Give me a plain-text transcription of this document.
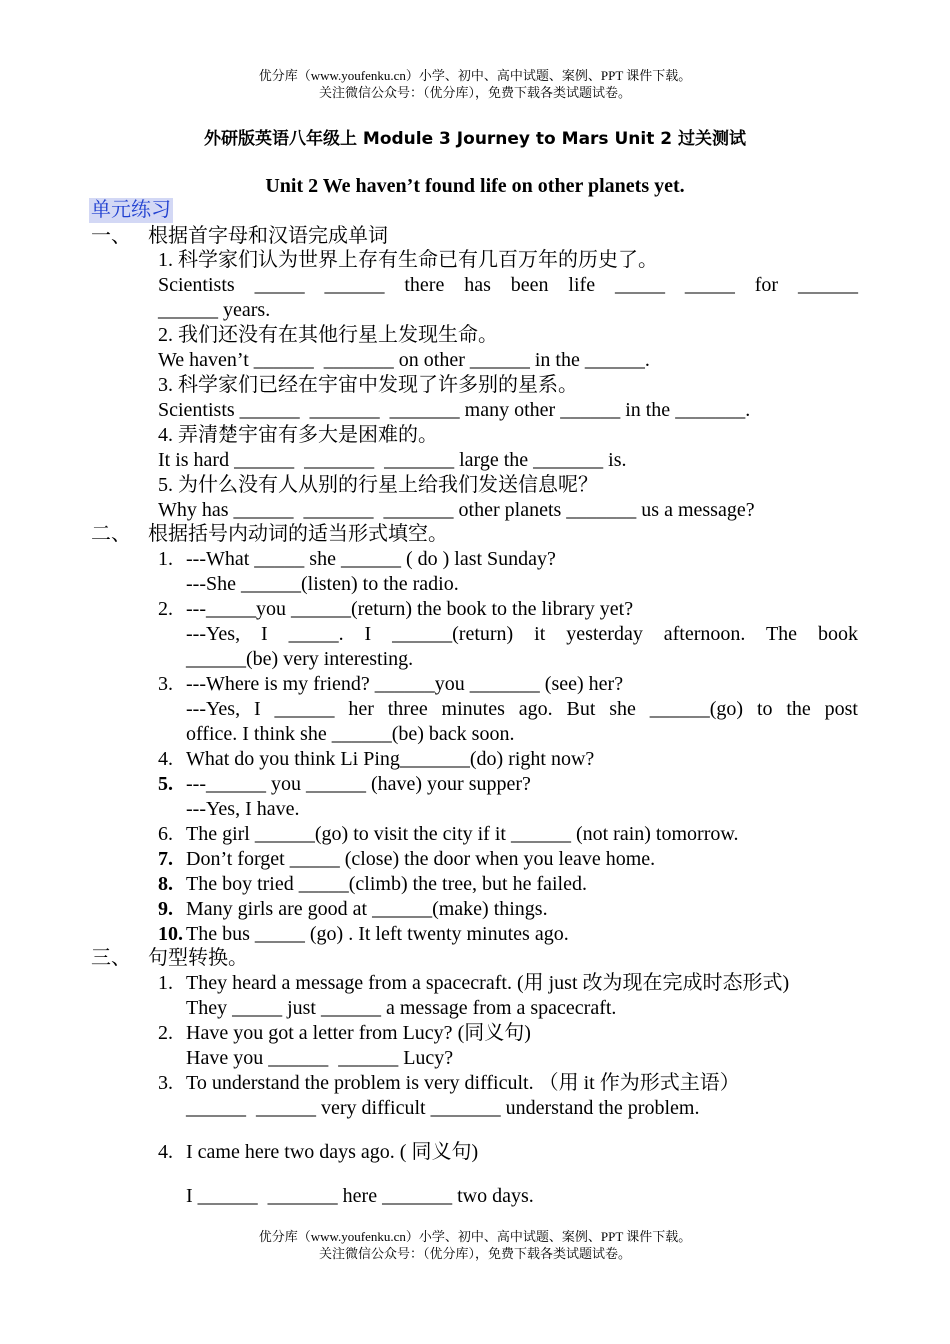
优分库（www.youfenku.cn）小学、初中、高中试题、案例、PPT 课件下载。
关注微信公众号：（优分库），免费下载各类试题试卷。
外研版英语八年级上 Module 3 Journey to Mars Unit 2 过关测试
Unit 2 We haven’t found life on other planets yet.
单元练习
一、 根据首字母和汉语完成单词
1. 科学家们认为世界上存有生命已有几百万年的历史了。
Scientists  _____  ______  there  has  been  life  _____  _____  for  ______
______ years.
2. 我们还没有在其他行星上发现生命。
We haven’t ______  _______ on other ______ in the ______.
3. 科学家们已经在宇宙中发现了许多别的星系。
Scientists ______  _______  _______ many other ______ in the _______.
4. 弄清楚宇宙有多大是困难的。
It is hard ______  _______  _______ large the _______ is.
5. 为什么没有人从别的行星上给我们发送信息呢？
Why has ______  _______  _______ other planets _______ us a message?
二、 根据括号内动词的适当形式填空。
1. ---What _____ she ______ ( do ) last Sunday?
---She ______(listen) to the radio.
2. ---_____you ______(return) the book to the library yet?
---Yes, I _____. I ______(return) it yesterday afternoon. The book
______(be) very interesting.
3. ---Where is my friend? ______you _______ (see) her?
---Yes, I ______ her three minutes ago. But she ______(go) to the post
office. I think she ______(be) back soon.
4. What do you think Li Ping_______(do) right now?
5. ---______ you ______ (have) your supper?
---Yes, I have.
6. The girl ______(go) to visit the city if it ______ (not rain) tomorrow.
7. Don’t forget _____ (close) the door when you leave home.
8. The boy tried _____(climb) the tree, but he failed.
9. Many girls are good at ______(make) things.
10. The bus _____ (go) . It left twenty minutes ago.
三、 句型转换。
1. They heard a message from a spacecraft. (用 just 改为现在完成时态形式)
They _____ just ______ a message from a spacecraft.
2. Have you got a letter from Lucy? (同义句)
Have you ______  ______ Lucy?
3. To understand the problem is very difficult. （用 it 作为形式主语）
______  ______ very difficult _______ understand the problem.
4. I came here two days ago. ( 同义句)
I ______  _______ here _______ two days.
优分库（www.youfenku.cn）小学、初中、高中试题、案例、PPT 课件下载。
关注微信公众号：（优分库），免费下载各类试题试卷。
